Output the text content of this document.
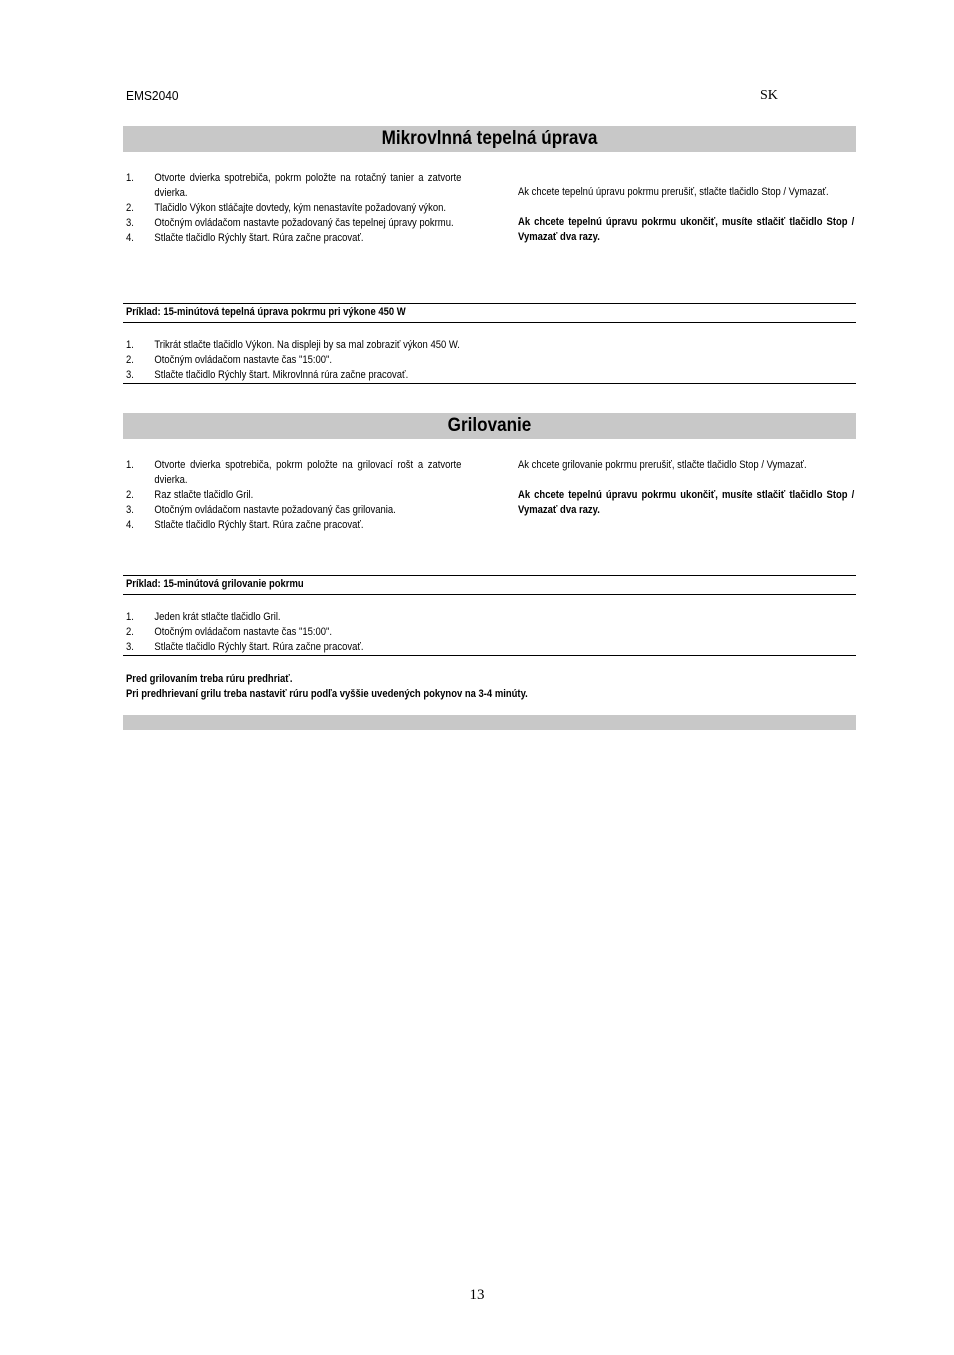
EMS2040	SK
Mikrovlnná tepelná úprava
1. Otvorte dvierka spotrebiča, pokrm položte na rotačný tanier a zatvorte dvierka.
2. Tlačidlo Výkon stláčajte dovtedy, kým nenastavíte požadovaný výkon.
3. Otočným ovládačom nastavte požadovaný čas tepelnej úpravy pokrmu.
4. Stlačte tlačidlo Rýchly štart. Rúra začne pracovať.

Ak chcete tepelnú úpravu pokrmu prerušiť, stlačte tlačidlo Stop / Vymazať.

Ak chcete tepelnú úpravu pokrmu ukončiť, musíte stlačiť tlačidlo Stop / Vymazať dva razy.

Príklad: 15-minútová tepelná úprava pokrmu pri výkone 450 W
1. Trikrát stlačte tlačidlo Výkon. Na displeji by sa mal zobraziť výkon 450 W.
2. Otočným ovládačom nastavte čas "15:00".
3. Stlačte tlačidlo Rýchly štart. Mikrovlnná rúra začne pracovať.
Grilovanie
1. Otvorte dvierka spotrebiča, pokrm položte na grilovací rošt a zatvorte dvierka.
2. Raz stlačte tlačidlo Gril.
3. Otočným ovládačom nastavte požadovaný čas grilovania.
4. Stlačte tlačidlo Rýchly štart. Rúra začne pracovať.

Ak chcete grilovanie pokrmu prerušiť, stlačte tlačidlo Stop / Vymazať.

Ak chcete tepelnú úpravu pokrmu ukončiť, musíte stlačiť tlačidlo Stop / Vymazať dva razy.

Príklad: 15-minútová grilovanie pokrmu
1. Jeden krát stlačte tlačidlo Gril.
2. Otočným ovládačom nastavte čas "15:00".
3. Stlačte tlačidlo Rýchly štart. Rúra začne pracovať.

Pred grilovaním treba rúru predhriať.

Pri predhrievaní grilu treba nastaviť rúru podľa vyššie uvedených pokynov na 3-4 minúty.

13
